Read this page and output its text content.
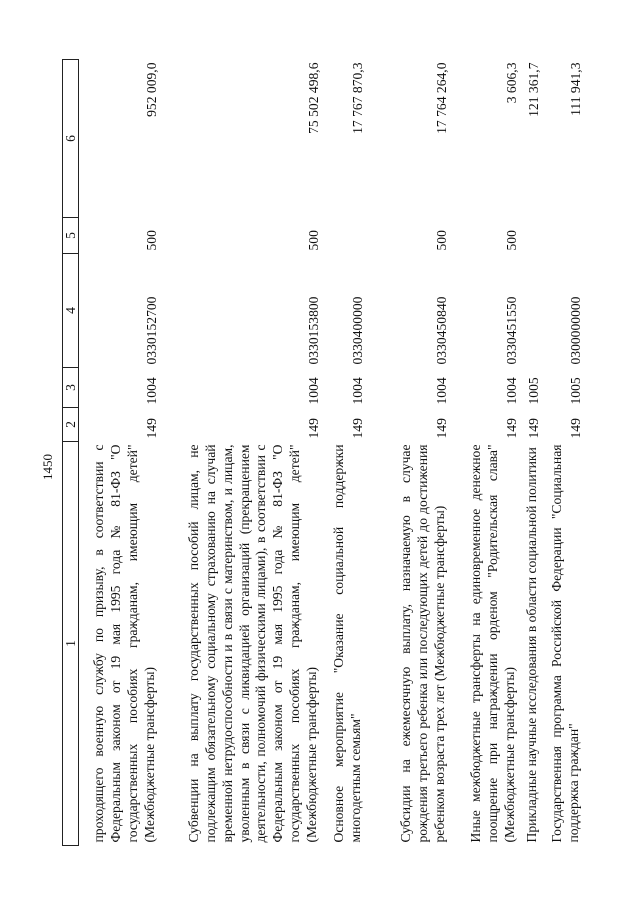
1450
1	2	3	4	5	6
проходящего военную службу по призыву, в соответствии с Федеральным законом от 19 мая 1995 года № 81-ФЗ "О государственных пособиях гражданам, имеющим детей" (Межбюджетные трансферты)	149	1004	0330152700	500	952 009,0
Субвенции на выплату государственных пособий лицам, не подлежащим обязательному социальному страхованию на случай временной нетрудоспособности и в связи с материнством, и лицам, уволенным в связи с ликвидацией организаций (прекращением деятельности, полномочий физическими лицами), в соответствии с Федеральным законом от 19 мая 1995 года № 81-ФЗ "О государственных пособиях гражданам, имеющим детей" (Межбюджетные трансферты)	149	1004	0330153800	500	75 502 498,6
Основное мероприятие "Оказание социальной поддержки многодетным семьям"	149	1004	0330400000		17 767 870,3
Субсидии на ежемесячную выплату, назначаемую в случае рождения третьего ребенка или последующих детей до достижения ребенком возраста трех лет (Межбюджетные трансферты)	149	1004	0330450840	500	17 764 264,0
Иные межбюджетные трансферты на единовременное денежное поощрение при награждении орденом "Родительская слава" (Межбюджетные трансферты)	149	1004	0330451550	500	3 606,3
Прикладные научные исследования в области социальной политики	149	1005			121 361,7
Государственная программа Российской Федерации "Социальная поддержка граждан"	149	1005	0300000000		111 941,3
